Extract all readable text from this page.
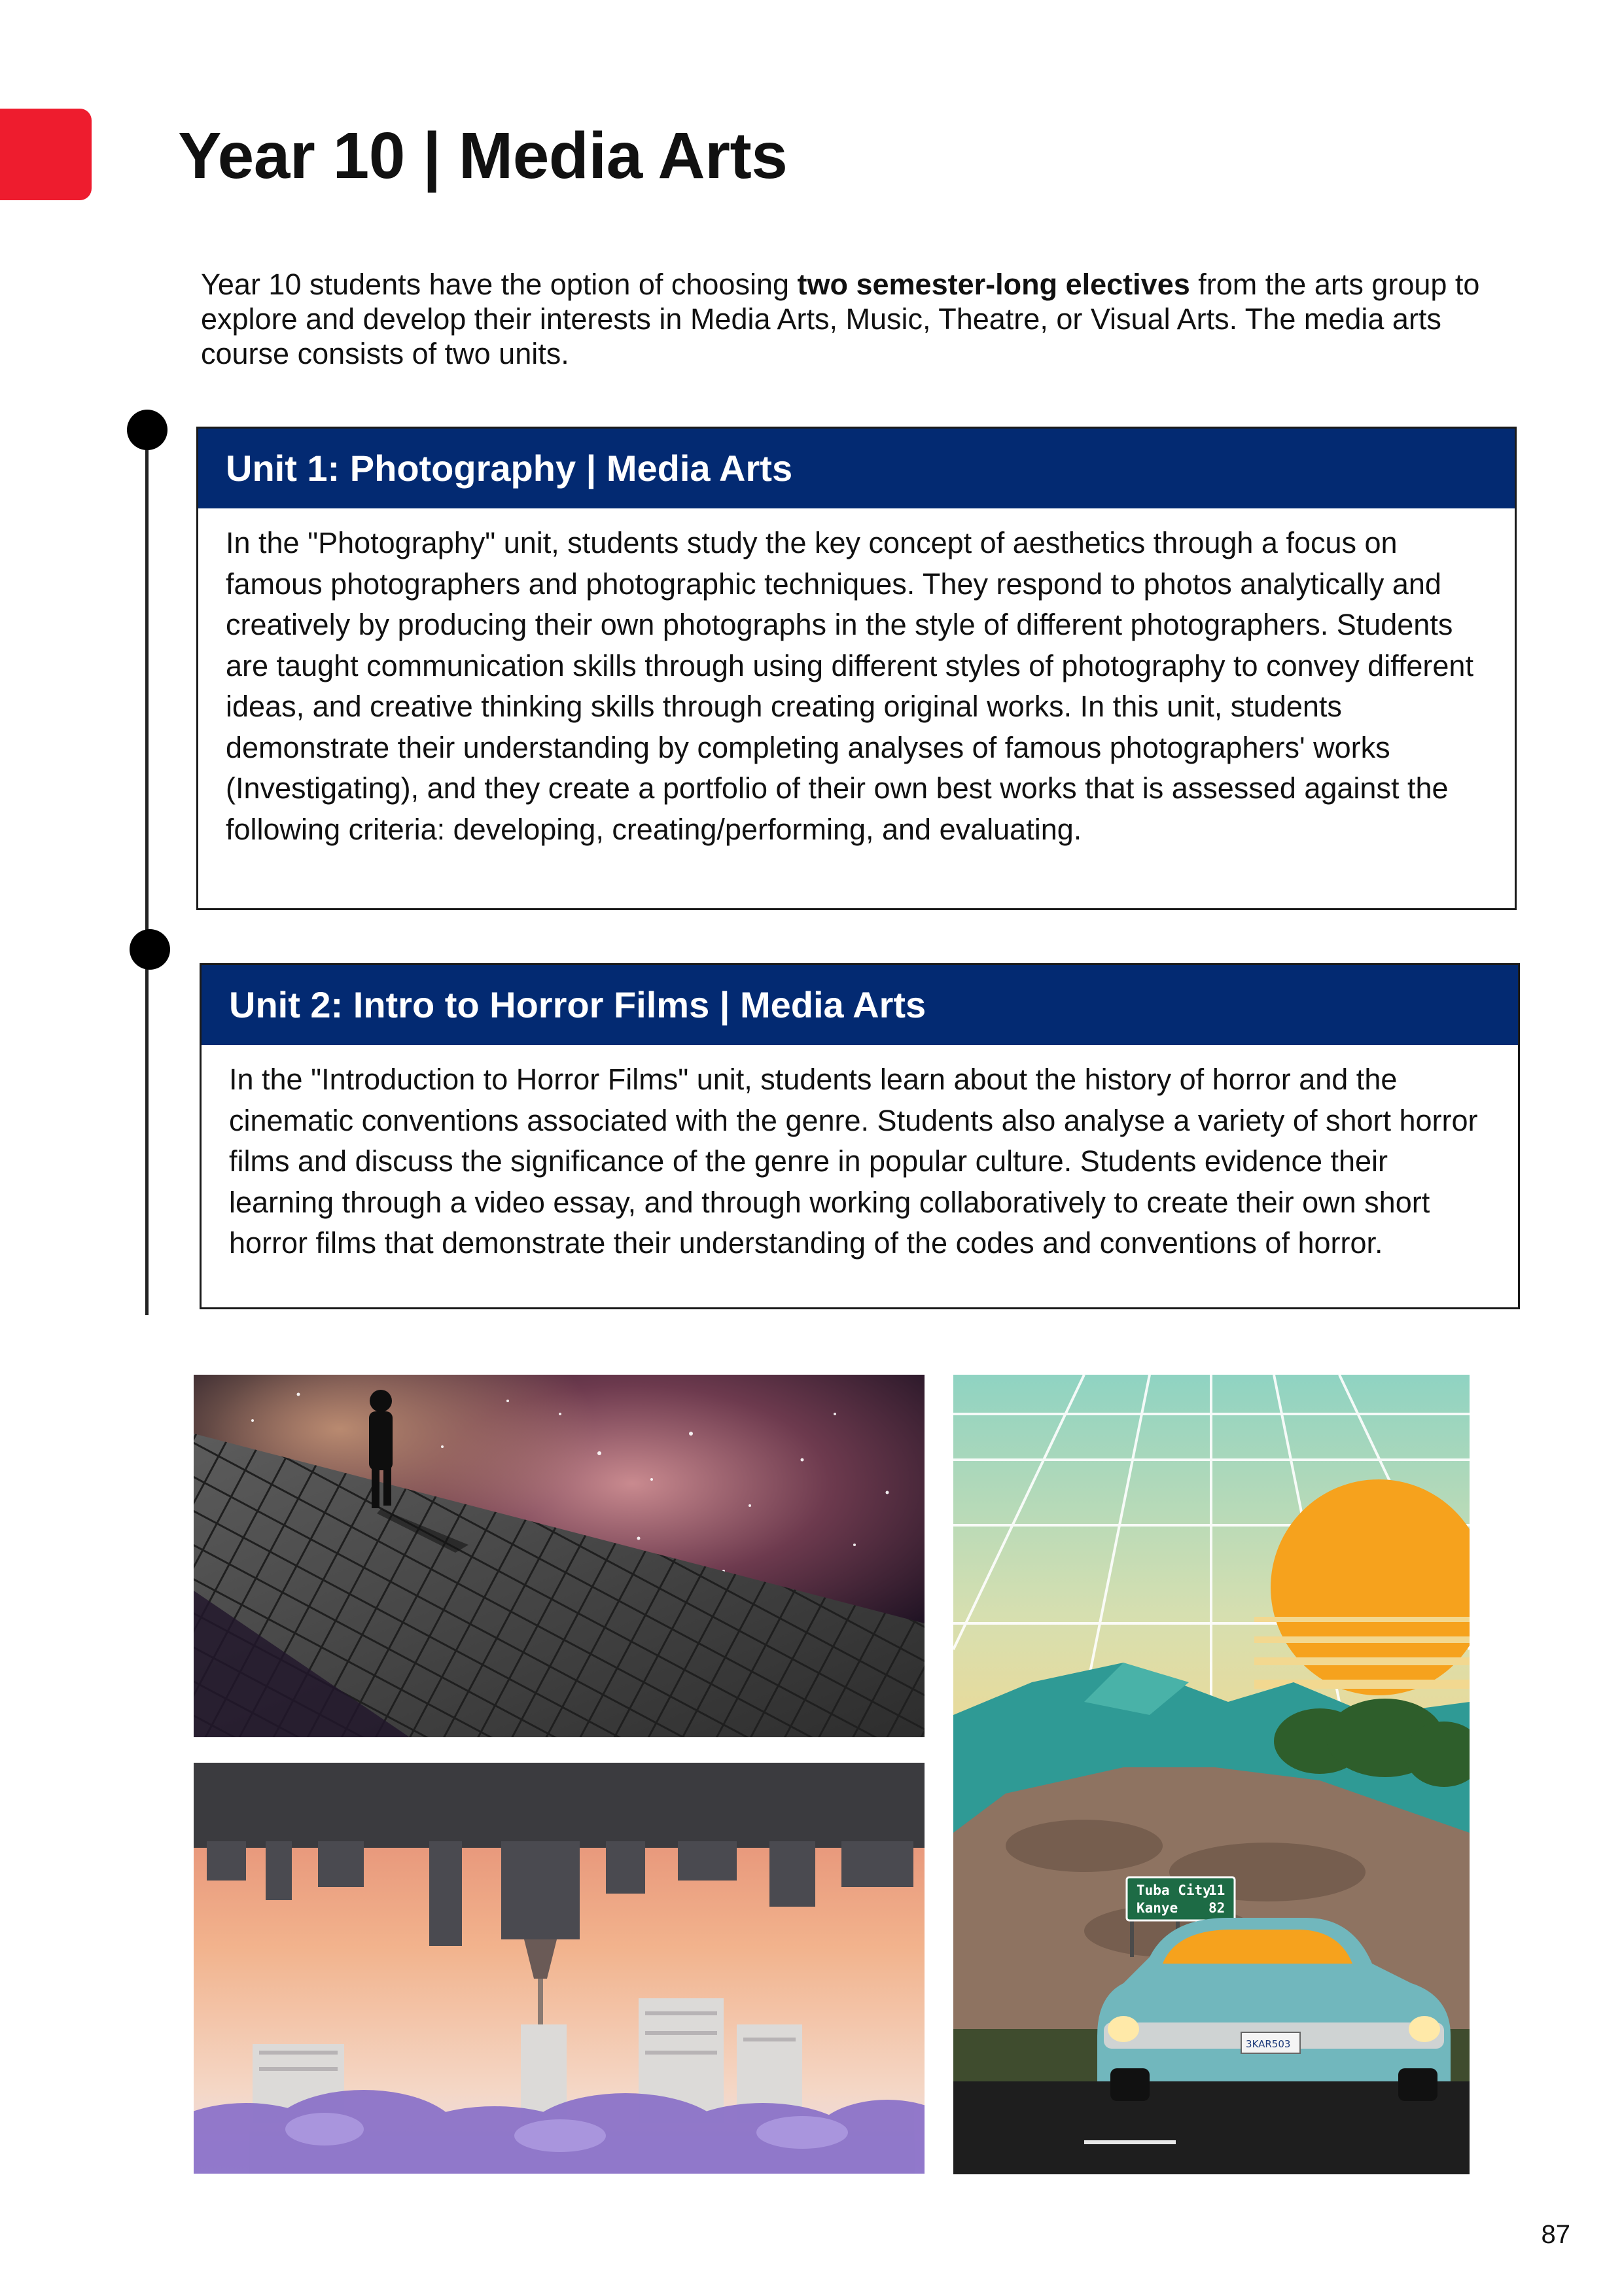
Year 10 | Media Arts

Year 10 students have the option of choosing two semester-long electives from the arts group to explore and develop their interests in Media Arts, Music, Theatre, or Visual Arts. The media arts course consists of two units.

Unit 1: Photography | Media Arts

In the "Photography" unit, students study the key concept of aesthetics through a focus on famous photographers and photographic techniques. They respond to photos analytically and creatively by producing their own photographs in the style of different photographers. Students are taught communication skills through using different styles of photography to convey different ideas, and creative thinking skills through creating original works. In this unit, students demonstrate their understanding by completing analyses of famous photographers' works (Investigating), and they create a portfolio of their own best works that is assessed against the following criteria: developing, creating/performing, and evaluating.

Unit 2: Intro to Horror Films | Media Arts

In the "Introduction to Horror Films" unit, students learn about the history of horror and the cinematic conventions associated with the genre. Students also analyse a variety of short horror films and discuss the significance of the genre in popular culture. Students evidence their learning through a video essay, and through working collaboratively to create their own short horror films that demonstrate their understanding of the codes and conventions of horror.

Tuba City
11
Kanye 82
3KAR503
87
